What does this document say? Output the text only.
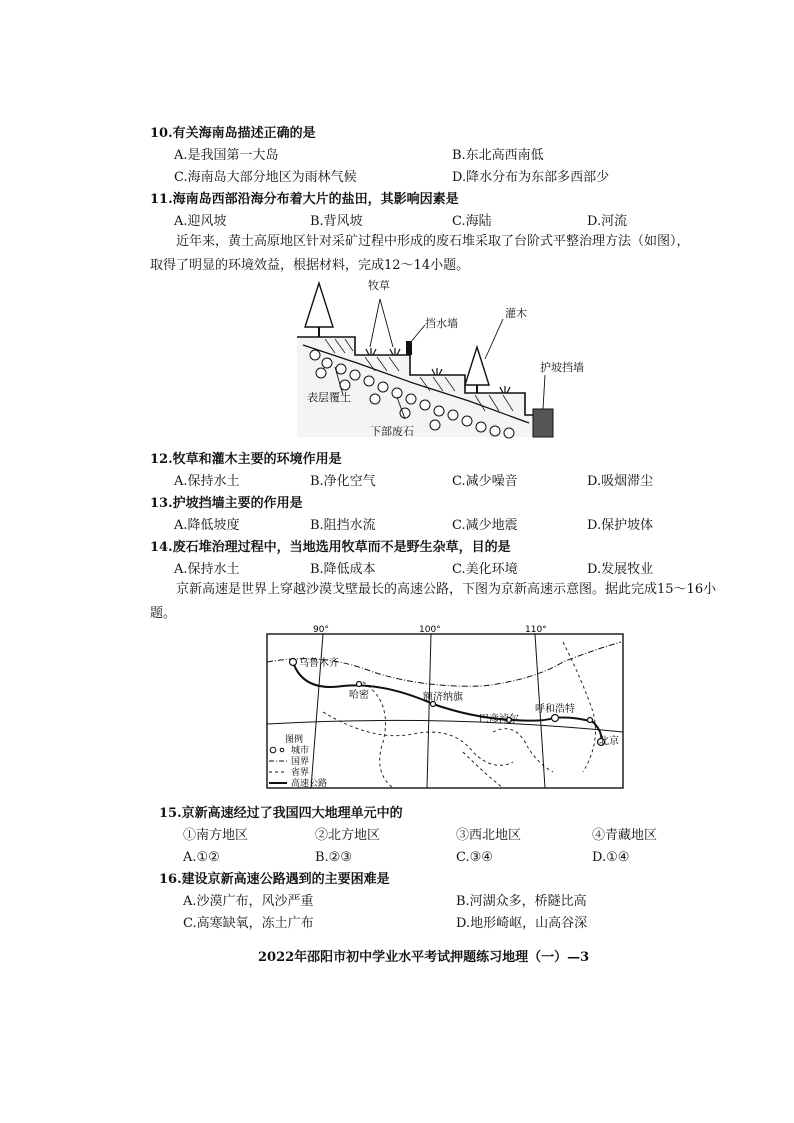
10.有关海南岛描述正确的是
A.是我国第一大岛	B.东北高西南低
C.海南岛大部分地区为雨林气候	D.降水分布为东部多西部少
11.海南岛西部沿海分布着大片的盐田，其影响因素是
A.迎风坡	B.背风坡	C.海陆	D.河流
近年来，黄土高原地区针对采矿过程中形成的废石堆采取了台阶式平整治理方法（如图），取得了明显的环境效益，根据材料，完成12～14小题。
牧草
挡水墙
灌木
护坡挡墙
表层覆土
下部废石
12.牧草和灌木主要的环境作用是
A.保持水土	B.净化空气	C.减少噪音	D.吸烟滞尘
13.护坡挡墙主要的作用是
A.降低坡度	B.阻挡水流	C.减少地震	D.保护坡体
14.废石堆治理过程中，当地选用牧草而不是野生杂草，目的是
A.保持水土	B.降低成本	C.美化环境	D.发展牧业
京新高速是世界上穿越沙漠戈壁最长的高速公路，下图为京新高速示意图。据此完成15～16小题。
90°	100°	110°
乌鲁木齐
哈密	额济纳旗
巴彦淖尔
呼和浩特
北京
图例
城市
国界
省界
高速公路
15.京新高速经过了我国四大地理单元中的
①南方地区	②北方地区	③西北地区	④青藏地区
A.①②	B.②③	C.③④	D.①④
16.建设京新高速公路遇到的主要困难是
A.沙漠广布，风沙严重	B.河湖众多，桥隧比高
C.高寒缺氧，冻土广布	D.地形崎岖，山高谷深
2022年邵阳市初中学业水平考试押题练习地理（一）—3
